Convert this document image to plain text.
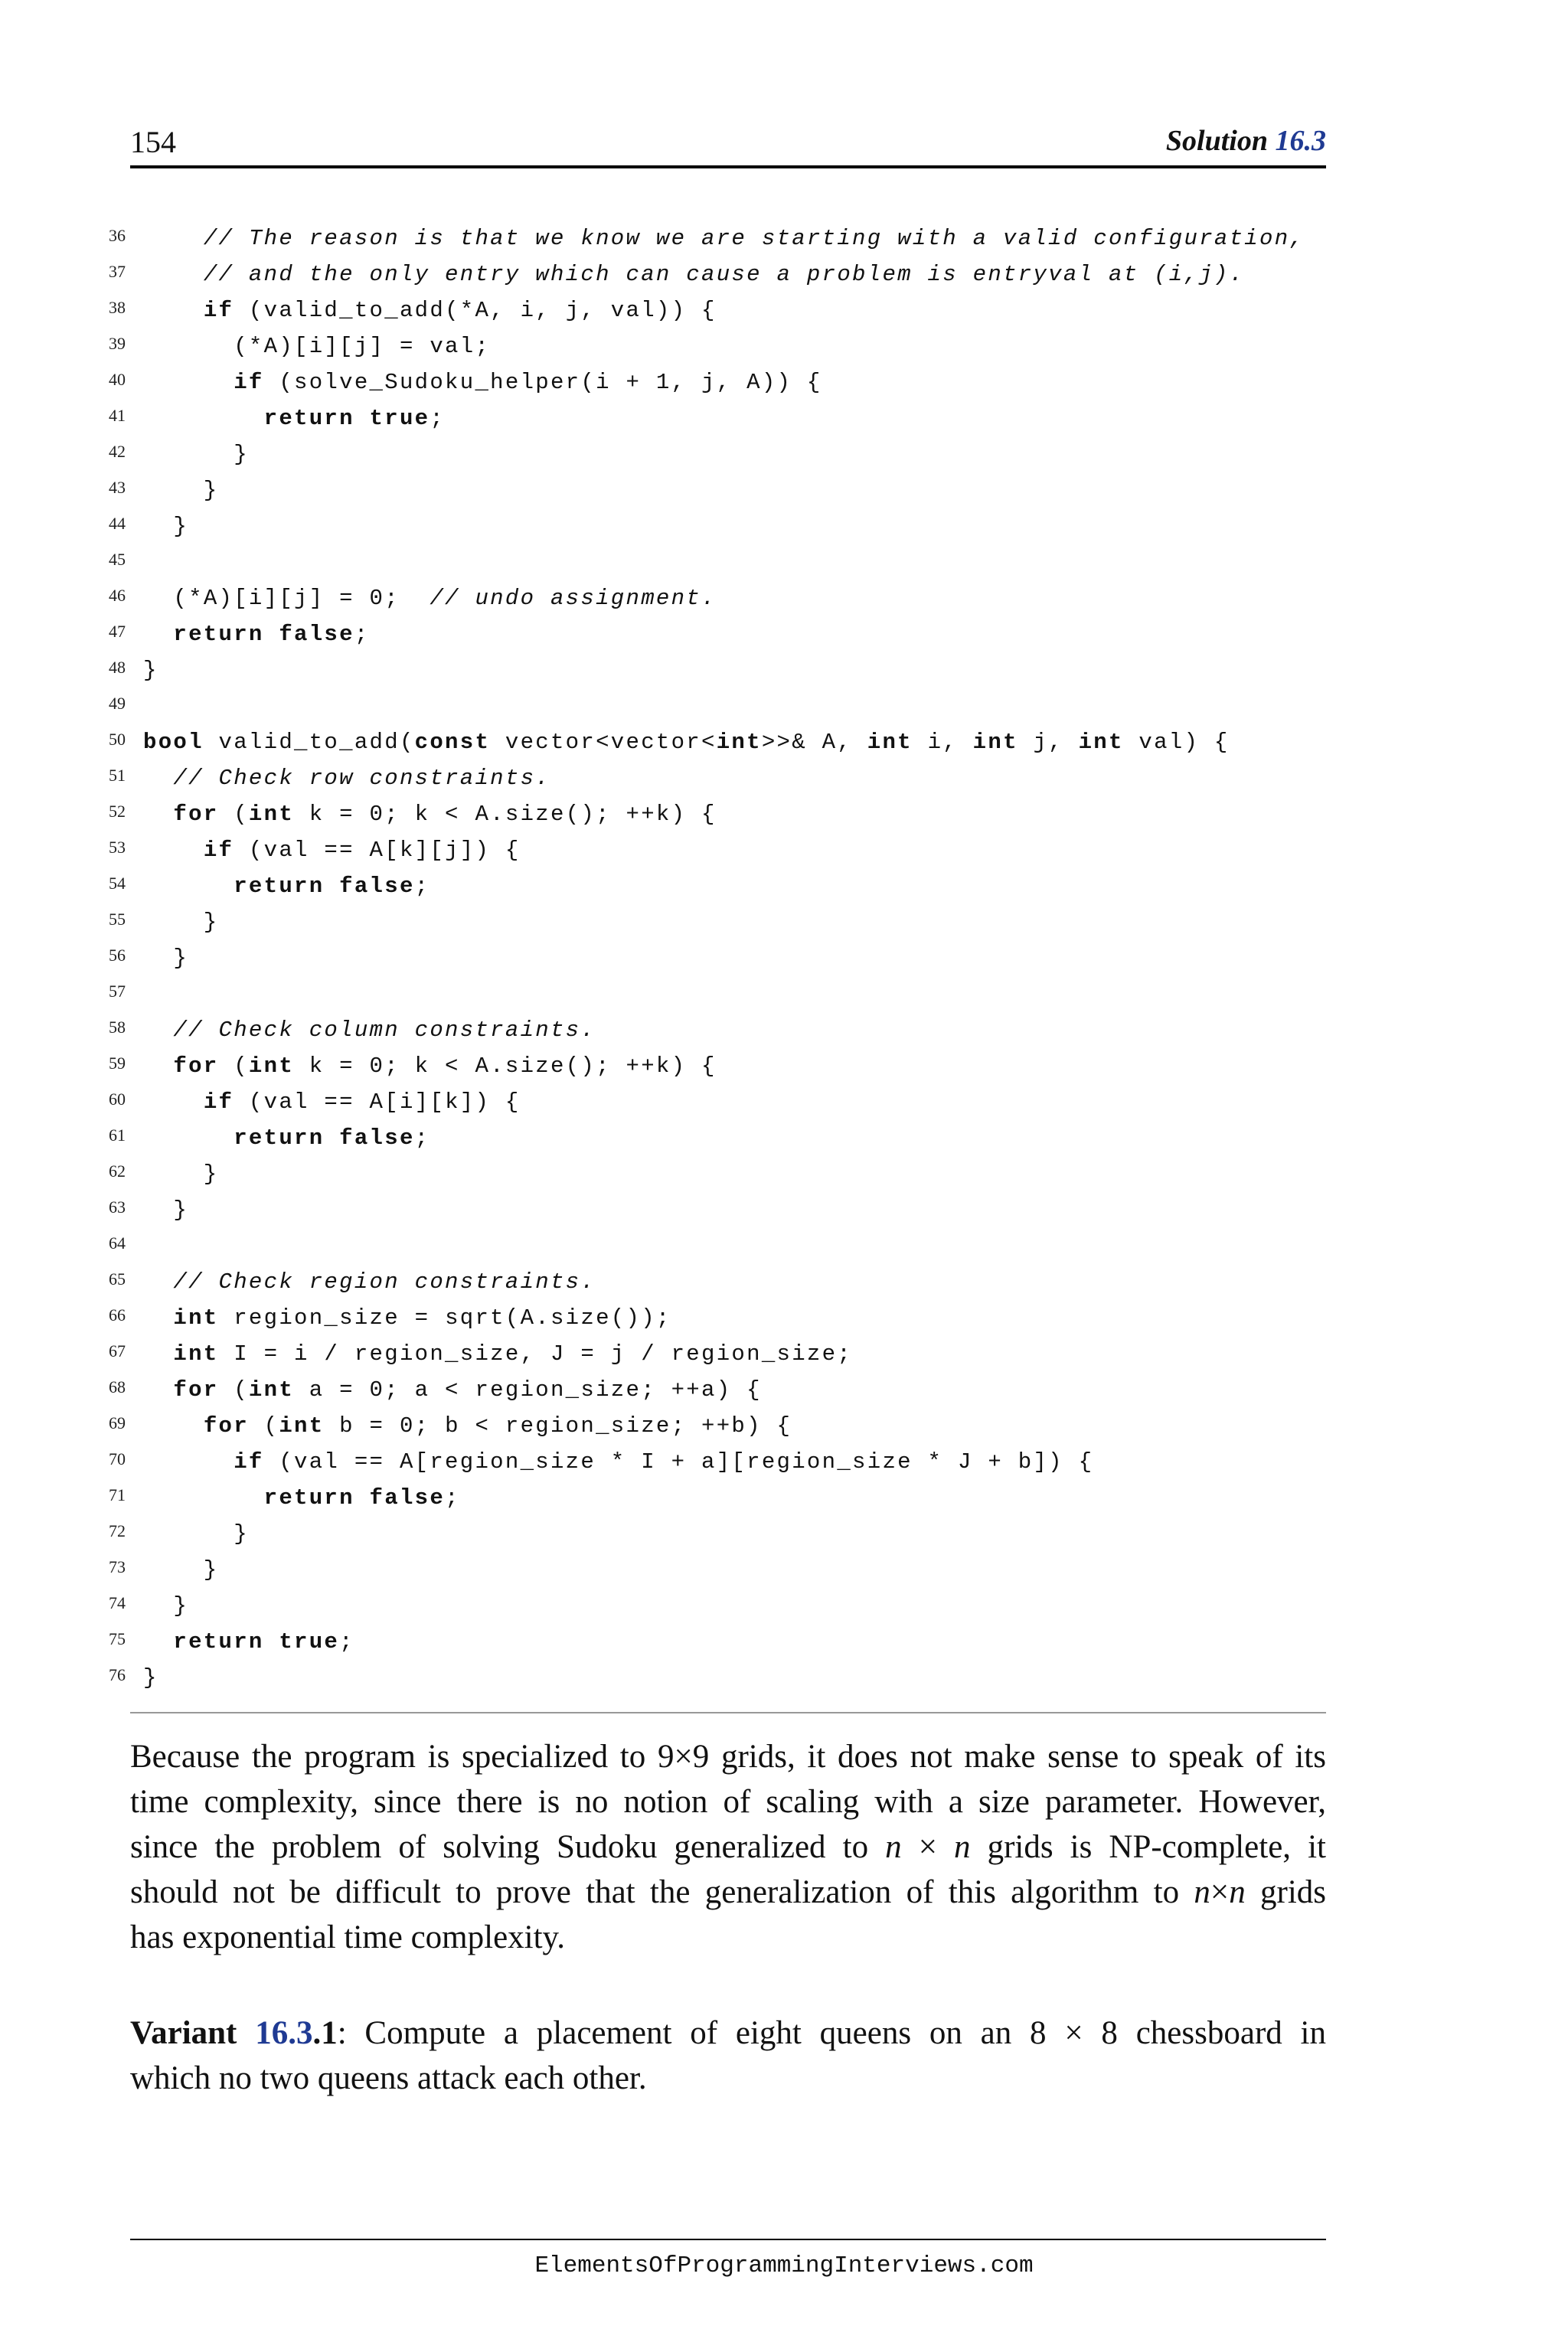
154	Solution 16.3
36	// The reason is that we know we are starting with a valid configuration,
37	// and the only entry which can cause a problem is entryval at (i,j).
38	if (valid_to_add(*A, i, j, val)) {
39 (*A)[i][j] = val;
40	if (solve_Sudoku_helper(i + 1, j, A)) {
41	return true;
42 }
43 }
44 }
45
46 (*A)[i][j] = 0;  // undo assignment.
47	return false;
48 }
49
50 bool valid_to_add(const vector<vector<int>>& A, int i, int j, int val) {
51	// Check row constraints.
52	for (int k = 0; k < A.size(); ++k) {
53	if (val == A[k][j]) {
54	return false;
55 }
56 }
57
58	// Check column constraints.
59	for (int k = 0; k < A.size(); ++k) {
60	if (val == A[i][k]) {
61	return false;
62 }
63 }
64
65	// Check region constraints.
66	int region_size = sqrt(A.size());
67	int I = i / region_size, J = j / region_size;
68	for (int a = 0; a < region_size; ++a) {
69	for (int b = 0; b < region_size; ++b) {
70	if (val == A[region_size * I + a][region_size * J + b]) {
71	return false;
72 }
73 }
74 }
75	return true;
76 }
Because the program is specialized to 9×9 grids, it does not make sense to speak of its
time complexity, since there is no notion of scaling with a size parameter. However,
since the problem of solving Sudoku generalized to n × n grids is NP-complete, it
should not be difficult to prove that the generalization of this algorithm to n×n grids
has exponential time complexity.
Variant 16.3.1: Compute a placement of eight queens on an 8 × 8 chessboard in
which no two queens attack each other.
ElementsOfProgrammingInterviews.com
